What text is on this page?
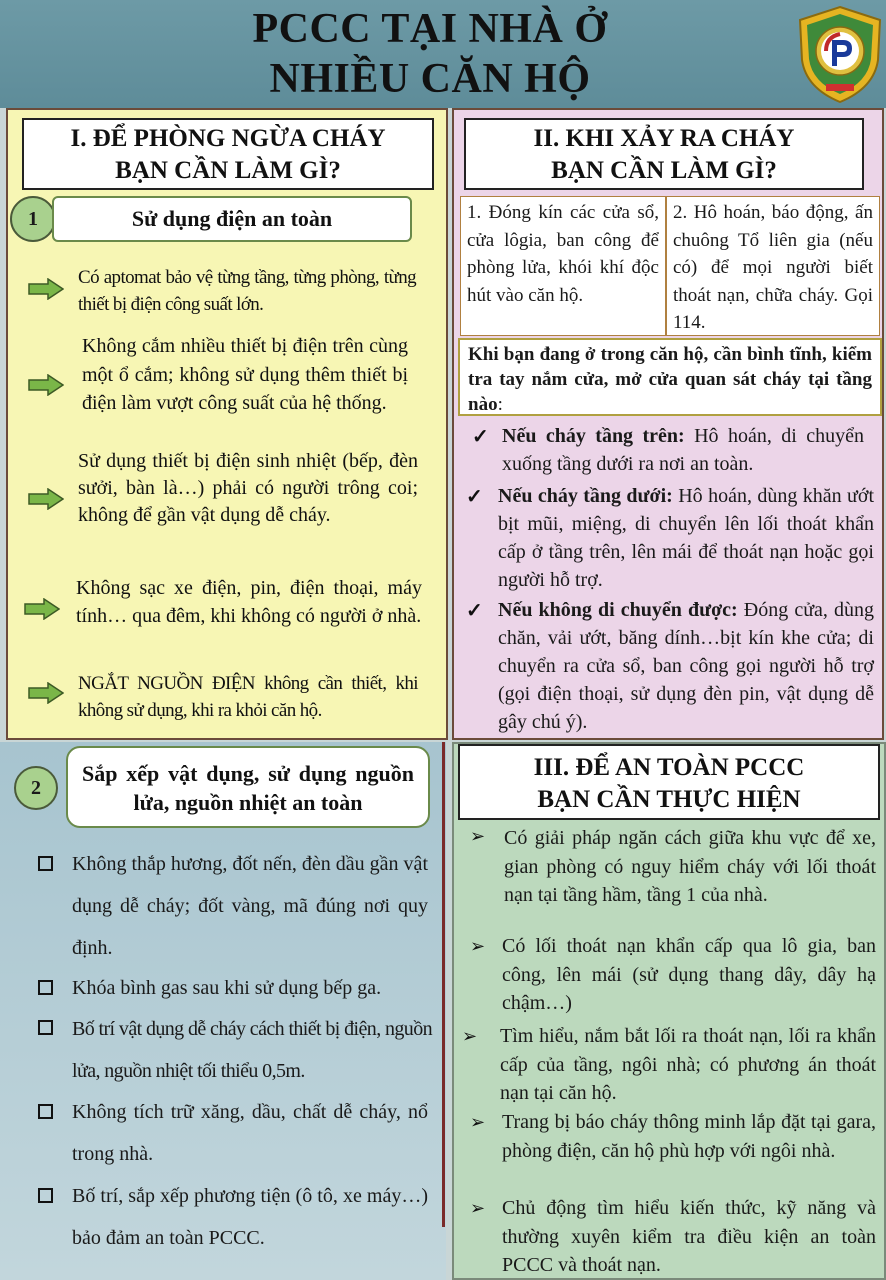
PCCC TẠI NHÀ Ở
NHIỀU CĂN HỘ
I. ĐỂ PHÒNG NGỪA CHÁY
BẠN CẦN LÀM GÌ?
1	Sử dụng điện an toàn
Có aptomat bảo vệ từng tầng, từng phòng, từng thiết bị điện công suất lớn.
Không cắm nhiều thiết bị điện trên cùng một ổ cắm; không sử dụng thêm thiết bị điện làm vượt công suất của hệ thống.
Sử dụng thiết bị điện sinh nhiệt (bếp, đèn sưởi, bàn là…) phải có người trông coi; không để gần vật dụng dễ cháy.
Không sạc xe điện, pin, điện thoại, máy tính… qua đêm, khi không có người ở nhà.
NGẮT NGUỒN ĐIỆN không cần thiết, khi không sử dụng, khi ra khỏi căn hộ.
II. KHI XẢY RA CHÁY
BẠN CẦN LÀM GÌ?
1. Đóng kín các cửa sổ, cửa lôgia, ban công để phòng lửa, khói khí độc hút vào căn hộ.
2. Hô hoán, báo động, ấn chuông Tổ liên gia (nếu có) để mọi người biết thoát nạn, chữa cháy. Gọi 114.
Khi bạn đang ở trong căn hộ, cần bình tĩnh, kiểm tra tay nắm cửa, mở cửa quan sát cháy tại tầng nào:
✓ Nếu cháy tầng trên: Hô hoán, di chuyển xuống tầng dưới ra nơi an toàn.
✓ Nếu cháy tầng dưới: Hô hoán, dùng khăn ướt bịt mũi, miệng, di chuyển lên lối thoát khẩn cấp ở tầng trên, lên mái để thoát nạn hoặc gọi người hỗ trợ.
✓ Nếu không di chuyển được: Đóng cửa, dùng chăn, vải ướt, băng dính…bịt kín khe cửa; di chuyển ra cửa sổ, ban công gọi người hỗ trợ (gọi điện thoại, sử dụng đèn pin, vật dụng dễ gây chú ý).
2
Sắp xếp vật dụng, sử dụng nguồn lửa, nguồn nhiệt an toàn
Không thắp hương, đốt nến, đèn dầu gần vật dụng dễ cháy; đốt vàng, mã đúng nơi quy định.
Khóa bình gas sau khi sử dụng bếp ga.
Bố trí vật dụng dễ cháy cách thiết bị điện, nguồn lửa, nguồn nhiệt tối thiểu 0,5m.
Không tích trữ xăng, dầu, chất dễ cháy, nổ trong nhà.
Bố trí, sắp xếp phương tiện (ô tô, xe máy…) bảo đảm an toàn PCCC.
III. ĐỂ AN TOÀN PCCC
BẠN CẦN THỰC HIỆN
➢ Có giải pháp ngăn cách giữa khu vực để xe, gian phòng có nguy hiểm cháy với lối thoát nạn tại tầng hầm, tầng 1 của nhà.
➢ Có lối thoát nạn khẩn cấp qua lô gia, ban công, lên mái (sử dụng thang dây, dây hạ chậm…)
➢ Tìm hiểu, nắm bắt lối ra thoát nạn, lối ra khẩn cấp của tầng, ngôi nhà; có phương án thoát nạn tại căn hộ.
➢ Trang bị báo cháy thông minh lắp đặt tại gara, phòng điện, căn hộ phù hợp với ngôi nhà.
➢ Chủ động tìm hiểu kiến thức, kỹ năng và thường xuyên kiểm tra điều kiện an toàn PCCC và thoát nạn.
